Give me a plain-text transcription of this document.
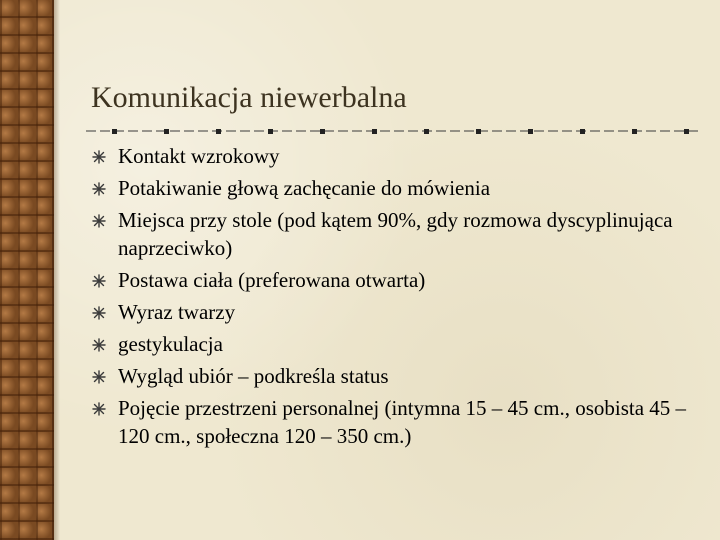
Komunikacja niewerbalna
Kontakt wzrokowy
Potakiwanie głową zachęcanie do mówienia
Miejsca przy stole (pod kątem 90%, gdy rozmowa dyscyplinująca naprzeciwko)
Postawa ciała (preferowana otwarta)
Wyraz twarzy
gestykulacja
Wygląd ubiór – podkreśla status
Pojęcie przestrzeni personalnej (intymna 15 – 45 cm., osobista 45 – 120 cm., społeczna 120 – 350 cm.)
